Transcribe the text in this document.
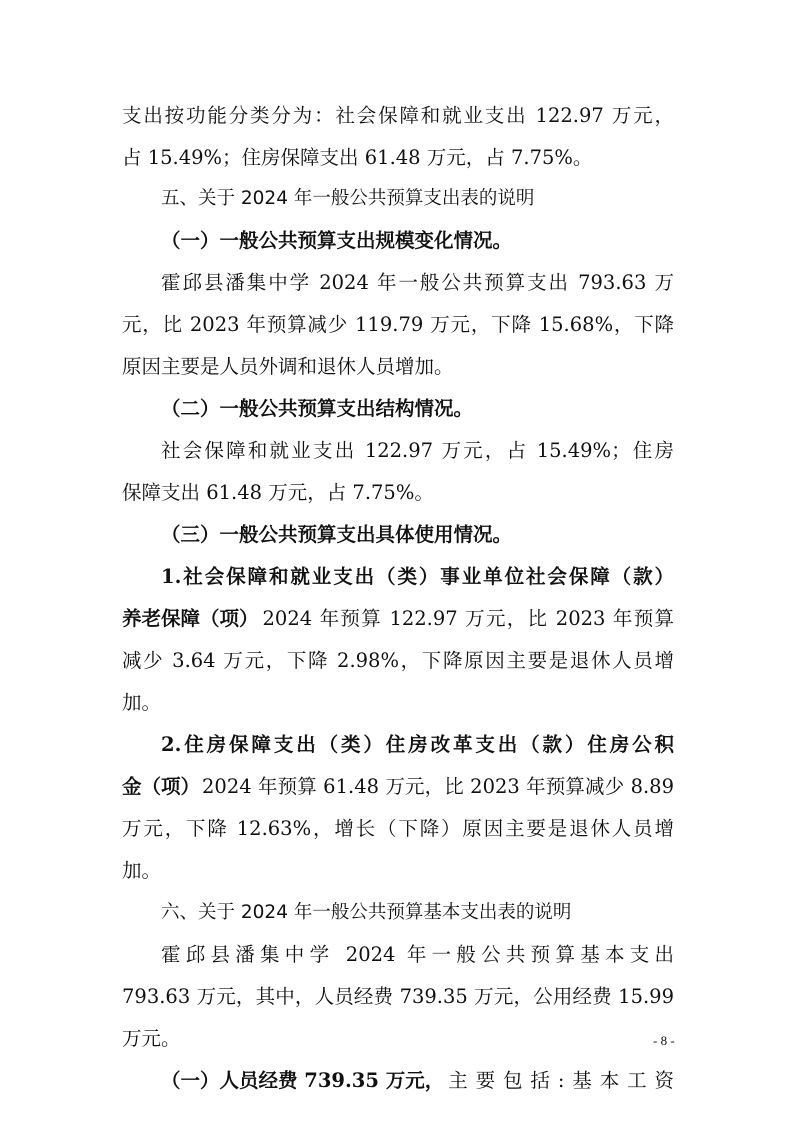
支出按功能分类分为：社会保障和就业支出 122.97 万元，
占 15.49%；住房保障支出 61.48 万元，占 7.75%。
五、关于 2024 年一般公共预算支出表的说明
（一）一般公共预算支出规模变化情况。
霍邱县潘集中学 2024 年一般公共预算支出 793.63 万
元，比 2023 年预算减少 119.79 万元，下降 15.68%，下降
原因主要是人员外调和退休人员增加。
（二）一般公共预算支出结构情况。
社会保障和就业支出 122.97 万元，占 15.49%；住房
保障支出 61.48 万元，占 7.75%。
（三）一般公共预算支出具体使用情况。
1.社会保障和就业支出（类）事业单位社会保障（款）
养老保障（项） 2024 年预算 122.97 万元，比 2023 年预算
减少 3.64 万元，下降 2.98%，下降原因主要是退休人员增
加。
2.住房保障支出（类）住房改革支出（款）住房公积
金（项） 2024 年预算 61.48 万元，比 2023 年预算减少 8.89
万元，下降 12.63%，增长（下降）原因主要是退休人员增
加。
六、关于 2024 年一般公共预算基本支出表的说明
霍邱县潘集中学 2024 年一般公共预算基本支出
793.63 万元，其中，人员经费 739.35 万元，公用经费 15.99
万元。
（一）人员经费 739.35 万元， 主要包括:基本工资
- 8 -
